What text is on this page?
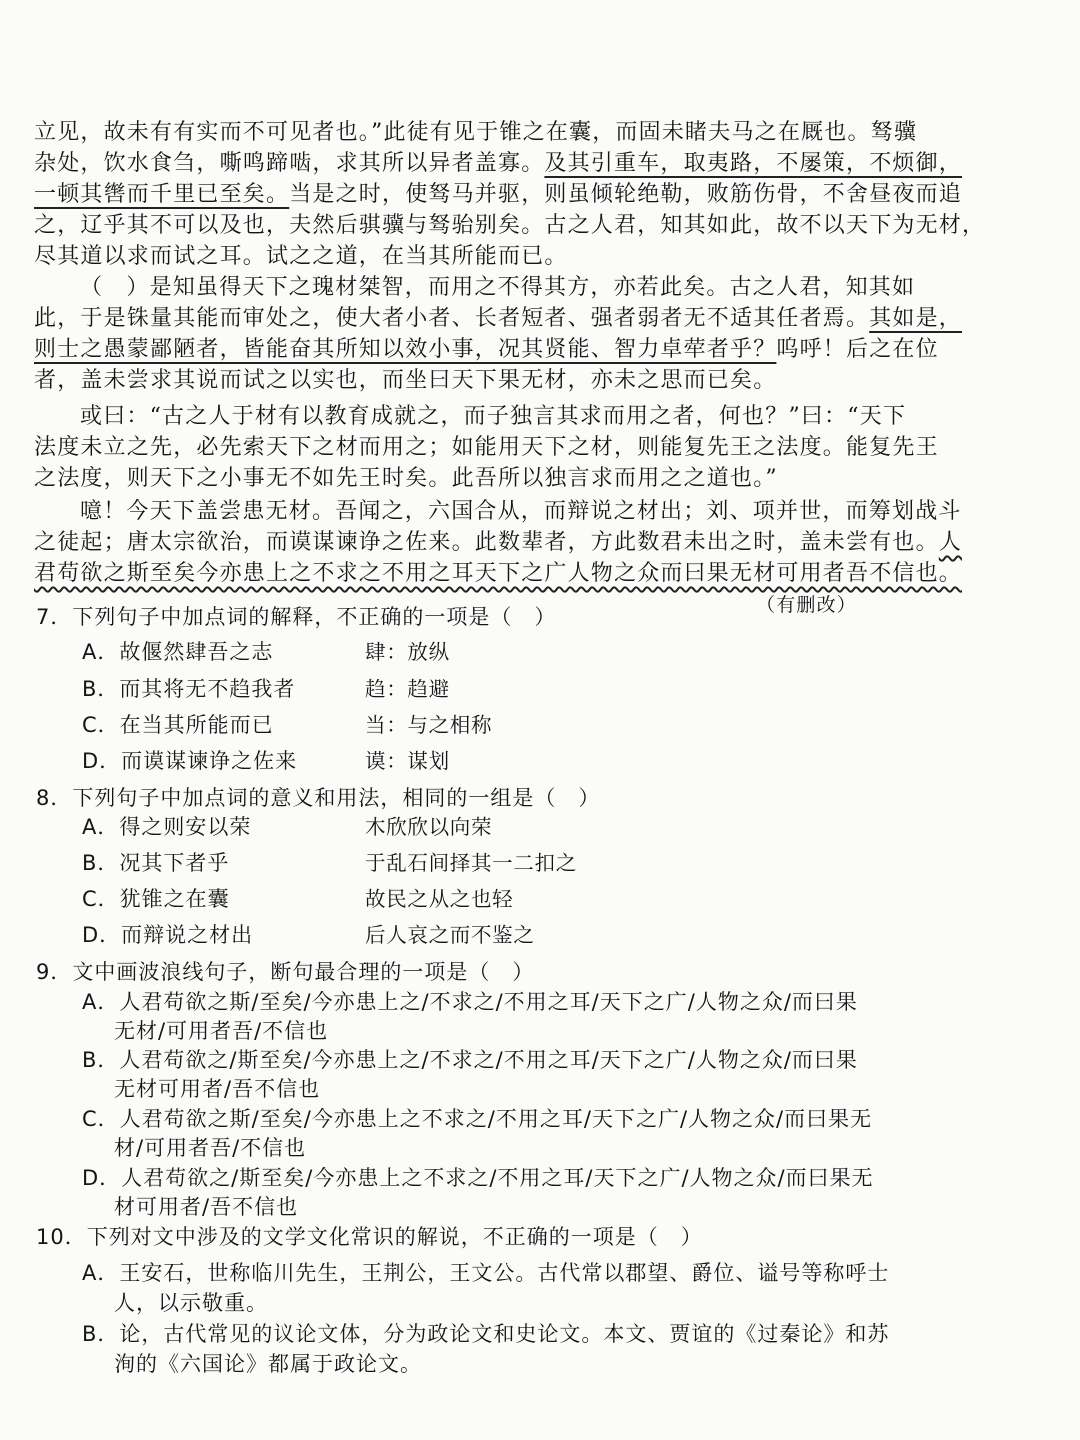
立见，故未有有实而不可见者也。”此徒有见于锥之在囊，而固未睹夫马之在厩也。驽骥
杂处，饮水食刍，嘶鸣蹄啮，求其所以异者盖寡。及其引重车，取夷路，不屡策，不烦御，
一顿其辔而千里已至矣。当是之时，使驽马并驱，则虽倾轮绝勒，败筋伤骨，不舍昼夜而追
之，辽乎其不可以及也，夫然后骐骥与驽骀别矣。古之人君，知其如此，故不以天下为无材，
尽其道以求而试之耳。试之之道，在当其所能而已。
（　）是知虽得天下之瑰材桀智，而用之不得其方，亦若此矣。古之人君，知其如
此，于是铢量其能而审处之，使大者小者、长者短者、强者弱者无不适其任者焉。其如是，
则士之愚蒙鄙陋者，皆能奋其所知以效小事，况其贤能、智力卓荦者乎？呜呼！后之在位
者，盖未尝求其说而试之以实也，而坐曰天下果无材，亦未之思而已矣。
或曰：“古之人于材有以教育成就之，而子独言其求而用之者，何也？”曰：“天下
法度未立之先，必先索天下之材而用之；如能用天下之材，则能复先王之法度。能复先王
之法度，则天下之小事无不如先王时矣。此吾所以独言求而用之之道也。”
噫！今天下盖尝患无材。吾闻之，六国合从，而辩说之材出；刘、项并世，而筹划战斗
之徒起；唐太宗欲治，而谟谋谏诤之佐来。此数辈者，方此数君未出之时，盖未尝有也。人
君苟欲之斯至矣今亦患上之不求之不用之耳天下之广人物之众而曰果无材可用者吾不信也。
（有删改）
7．下列句子中加点词的解释，不正确的一项是（　）
A．故偃然肆吾之志	肆：放纵
B．而其将无不趋我者	趋：趋避
C．在当其所能而已	当：与之相称
D．而谟谋谏诤之佐来	谟：谋划
8．下列句子中加点词的意义和用法，相同的一组是（　）
A．得之则安以荣	木欣欣以向荣
B．况其下者乎	于乱石间择其一二扣之
C．犹锥之在囊	故民之从之也轻
D．而辩说之材出	后人哀之而不鉴之
9．文中画波浪线句子，断句最合理的一项是（　）
A．人君苟欲之斯/至矣/今亦患上之/不求之/不用之耳/天下之广/人物之众/而曰果
无材/可用者吾/不信也
B．人君苟欲之/斯至矣/今亦患上之/不求之/不用之耳/天下之广/人物之众/而曰果
无材可用者/吾不信也
C．人君苟欲之斯/至矣/今亦患上之不求之/不用之耳/天下之广/人物之众/而曰果无
材/可用者吾/不信也
D．人君苟欲之/斯至矣/今亦患上之不求之/不用之耳/天下之广/人物之众/而曰果无
材可用者/吾不信也
10．下列对文中涉及的文学文化常识的解说，不正确的一项是（　）
A．王安石，世称临川先生，王荆公，王文公。古代常以郡望、爵位、谥号等称呼士
人，以示敬重。
B．论，古代常见的议论文体，分为政论文和史论文。本文、贾谊的《过秦论》和苏
洵的《六国论》都属于政论文。
